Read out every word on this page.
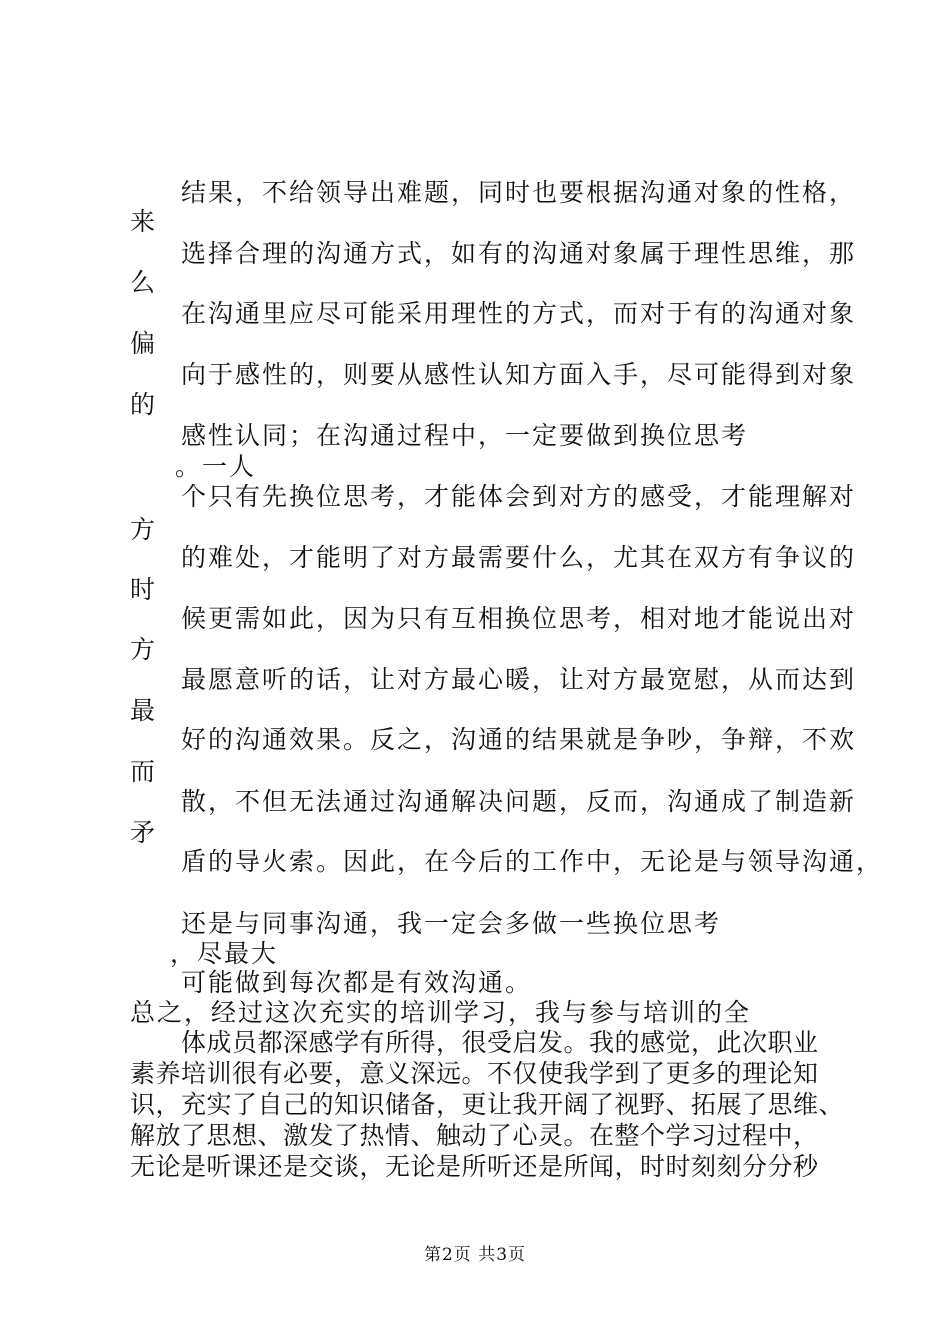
结果，不给领导出难题，同时也要根据沟通对象的性格，
来
选择合理的沟通方式，如有的沟通对象属于理性思维，那
么
在沟通里应尽可能采用理性的方式，而对于有的沟通对象
偏
向于感性的，则要从感性认知方面入手，尽可能得到对象
的
感性认同；在沟通过程中，一定要做到换位思考
。一人
个只有先换位思考，才能体会到对方的感受，才能理解对
方
的难处，才能明了对方最需要什么，尤其在双方有争议的
时
候更需如此，因为只有互相换位思考，相对地才能说出对
方
最愿意听的话，让对方最心暖，让对方最宽慰，从而达到
最
好的沟通效果。反之，沟通的结果就是争吵，争辩，不欢
而
散，不但无法通过沟通解决问题，反而，沟通成了制造新
矛
盾的导火索。因此，在今后的工作中，无论是与领导沟通，
还是与同事沟通，我一定会多做一些换位思考
，尽最大
可能做到每次都是有效沟通。
总之，经过这次充实的培训学习，我与参与培训的全
体成员都深感学有所得，很受启发。我的感觉，此次职业
素养培训很有必要，意义深远。不仅使我学到了更多的理论知
识，充实了自己的知识储备，更让我开阔了视野、拓展了思维、
解放了思想、激发了热情、触动了心灵。在整个学习过程中，
无论是听课还是交谈，无论是所听还是所闻，时时刻刻分分秒
第2页 共3页
